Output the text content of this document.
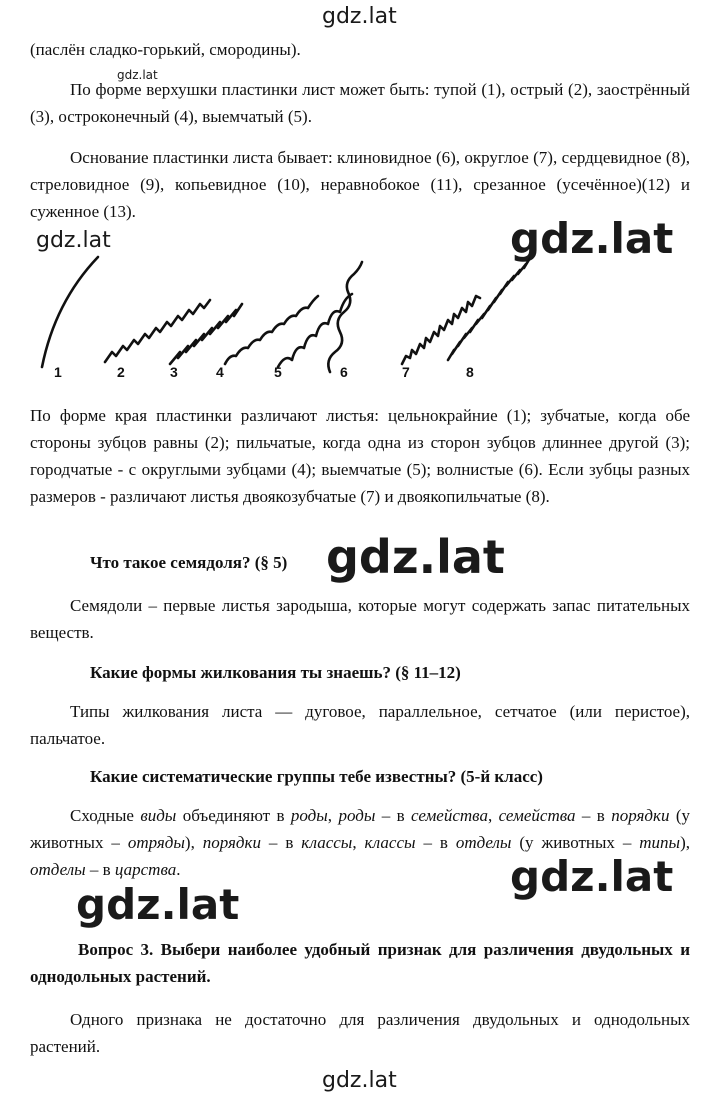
gdz.lat

(паслён сладко-горький, смородины).

gdz.lat

По форме верхушки пластинки лист может быть: тупой (1), острый (2), заострённый (3), остроконечный (4), выемчатый (5).

Основание пластинки листа бывает: клиновидное (6), округлое (7), сердцевидное (8), стреловидное (9), копьевидное (10), неравнобокое (11), срезанное (усечённое)(12) и суженное (13).

gdz.lat	gdz.lat
1	2	3	4	5	6	7	8

По форме края пластинки различают листья: цельнокрайние (1); зубчатые, когда обе стороны зубцов равны (2); пильчатые, когда одна из сторон зубцов длиннее другой (3); городчатые - с округлыми зубцами (4); выемчатые (5); волнистые (6). Если зубцы разных размеров - различают листья двоякозубчатые (7) и двоякопильчатые (8).

Что такое семядоля? (§ 5) gdz.lat

Семядоли – первые листья зародыша, которые могут содержать запас питательных веществ.

Какие формы жилкования ты знаешь? (§ 11–12)

Типы жилкования листа — дуговое, параллельное, сетчатое (или перистое), пальчатое.

Какие систематические группы тебе известны? (5-й класс)

Сходные виды объединяют в роды, роды – в семейства, семейства – в порядки (у животных – отряды), порядки – в классы, классы – в отделы (у животных – типы), отделы – в царства.	gdz.lat
gdz.lat

Вопрос 3. Выбери наиболее удобный признак для различения двудольных и однодольных растений.

Одного признака не достаточно для различения двудольных и однодольных растений.

gdz.lat
